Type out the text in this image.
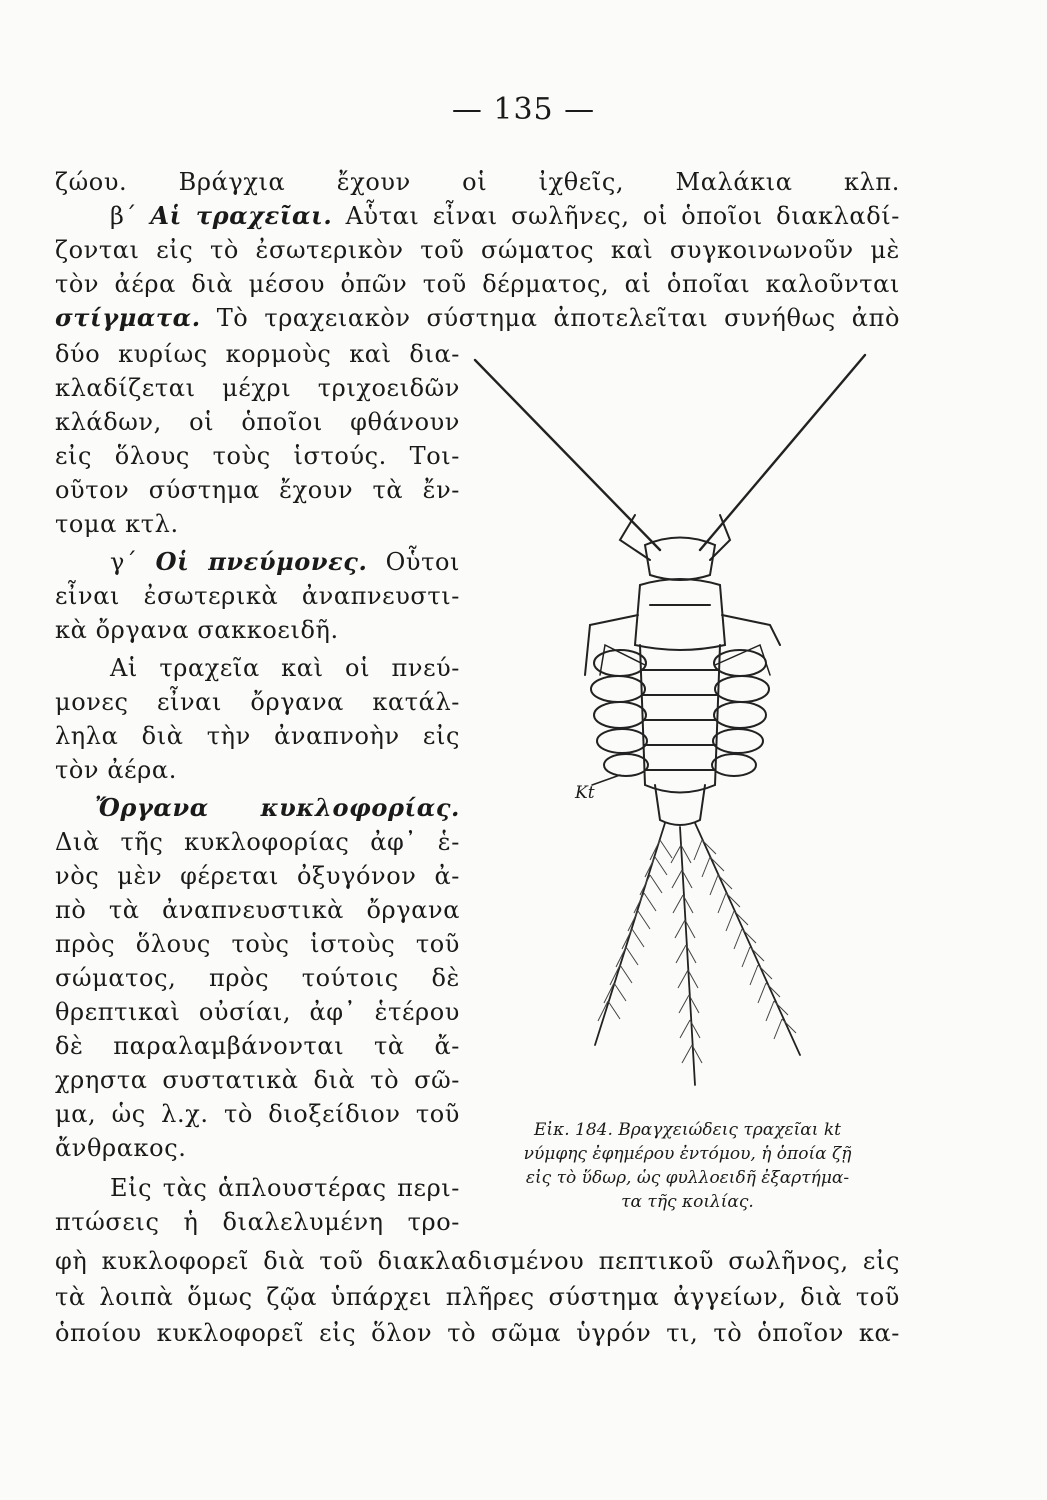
— 135 —
ζώου. Βράγχια ἔχουν οἱ ἰχθεῖς, Μαλάκια κλπ.
β΄ Αἱ τραχεῖαι. Αὗται εἶναι σωλῆνες, οἱ ὁποῖοι διακλαδί-
ζονται εἰς τὸ ἐσωτερικὸν τοῦ σώματος καὶ συγκοινωνοῦν μὲ
τὸν ἀέρα διὰ μέσου ὀπῶν τοῦ δέρματος, αἱ ὁποῖαι καλοῦνται
στίγματα. Τὸ τραχειακὸν σύστημα ἀποτελεῖται συνήθως ἀπὸ
δύο κυρίως κορμοὺς καὶ δια-
κλαδίζεται μέχρι τριχοειδῶν
κλάδων, οἱ ὁποῖοι φθάνουν
εἰς ὅλους τοὺς ἱστούς. Τοι-
οῦτον σύστημα ἔχουν τὰ ἔν-
τομα κτλ.
γ΄ Οἱ πνεύμονες. Οὗτοι
εἶναι ἐσωτερικὰ ἀναπνευστι-
κὰ ὄργανα σακκοειδῆ.
Αἱ τραχεῖα καὶ οἱ πνεύ-
μονες εἶναι ὄργανα κατάλ-
ληλα διὰ τὴν ἀναπνοὴν εἰς
τὸν ἀέρα.
Ὄργανα κυκλοφορίας.
Διὰ τῆς κυκλοφορίας ἀφ᾽ ἑ-
νὸς μὲν φέρεται ὀξυγόνον ἀ-
πὸ τὰ ἀναπνευστικὰ ὄργανα
πρὸς ὅλους τοὺς ἱστοὺς τοῦ
σώματος, πρὸς τούτοις δὲ
θρεπτικαὶ οὐσίαι, ἀφ᾽ ἑτέρου
δὲ παραλαμβάνονται τὰ ἄ-
χρηστα συστατικὰ διὰ τὸ σῶ-
μα, ὡς λ.χ. τὸ διοξείδιον τοῦ
ἄνθρακος.
Εἰς τὰς ἁπλουστέρας περι-
πτώσεις ἡ διαλελυμένη τρο-
φὴ κυκλοφορεῖ διὰ τοῦ διακλαδισμένου πεπτικοῦ σωλῆνος, εἰς
τὰ λοιπὰ ὅμως ζῷα ὑπάρχει πλῆρες σύστημα ἀγγείων, διὰ τοῦ
ὁποίου κυκλοφορεῖ εἰς ὅλον τὸ σῶμα ὑγρόν τι, τὸ ὁποῖον κα-
Kt
Εἰκ. 184. Βραγχειώδεις τραχεῖαι kt
νύμφης ἐφημέρου ἐντόμου, ἡ ὁποία ζῇ
εἰς τὸ ὕδωρ, ὡς φυλλοειδῆ ἐξαρτήμα-
τα τῆς κοιλίας.
